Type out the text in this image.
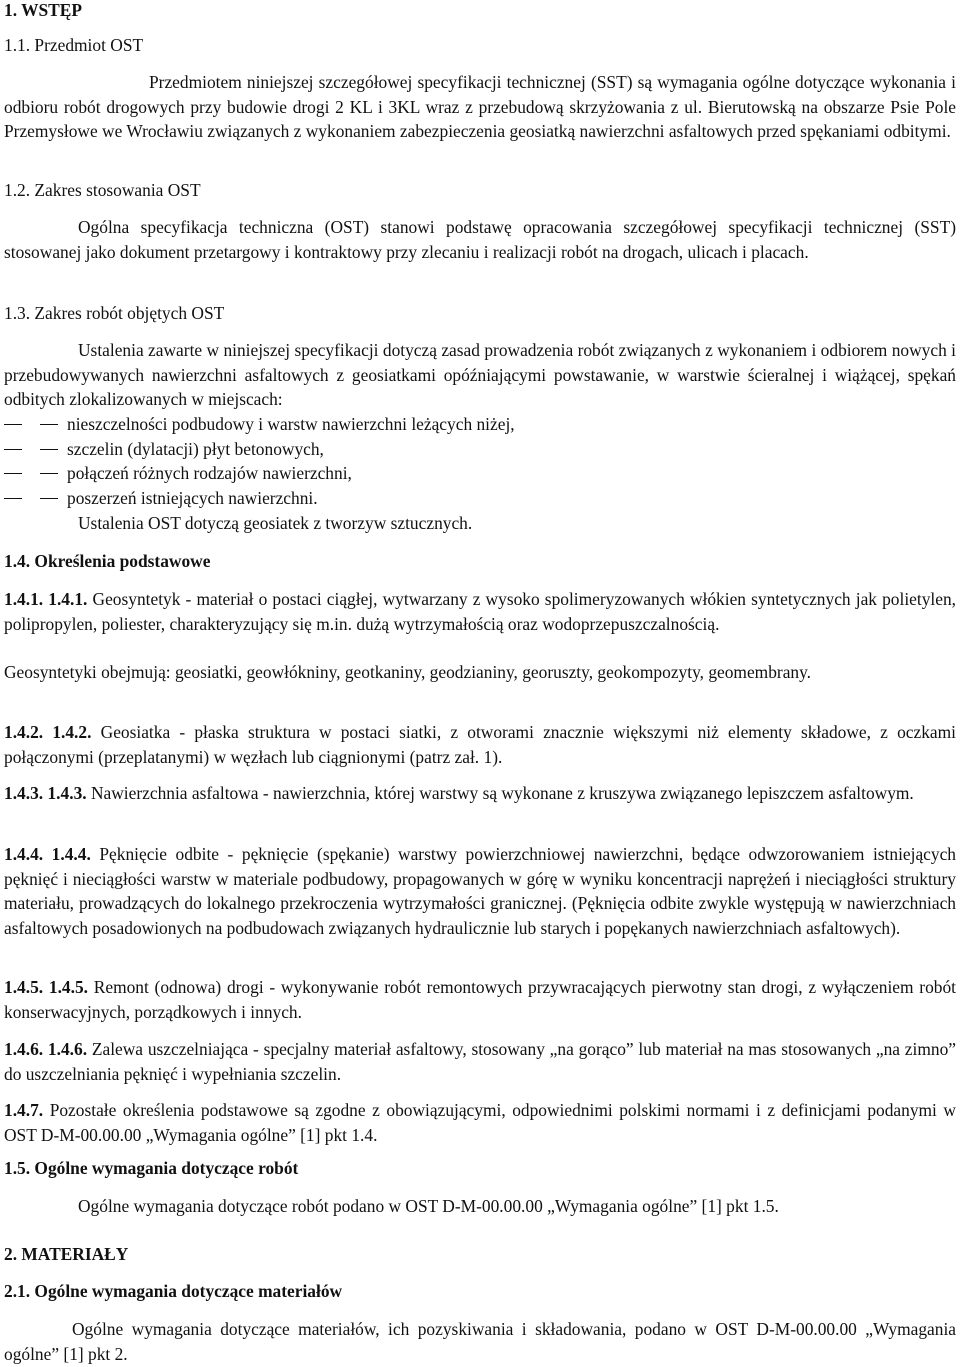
1. WSTĘP
1.1. Przedmiot OST
Przedmiotem niniejszej szczegółowej specyfikacji technicznej (SST) są wymagania ogólne dotyczące wykonania i odbioru robót drogowych przy budowie drogi 2 KL i 3KL wraz z przebudową skrzyżowania z ul. Bierutowską na obszarze Psie Pole Przemysłowe we Wrocławiu związanych z wykonaniem zabezpieczenia geosiatką nawierzchni asfaltowych przed spękaniami odbitymi.
1.2. Zakres stosowania OST
Ogólna specyfikacja techniczna (OST) stanowi podstawę opracowania szczegółowej specyfikacji technicznej (SST) stosowanej jako dokument przetargowy i kontraktowy przy zlecaniu i realizacji robót na drogach, ulicach i placach.
1.3. Zakres robót objętych OST
Ustalenia zawarte w niniejszej specyfikacji dotyczą zasad prowadzenia robót związanych z wykonaniem i odbiorem nowych i przebudowywanych nawierzchni asfaltowych z geosiatkami opóźniającymi powstawanie, w warstwie ścieralnej i wiążącej, spękań odbitych zlokalizowanych w miejscach:
nieszczelności podbudowy i warstw nawierzchni leżących niżej,
szczelin (dylatacji) płyt betonowych,
połączeń różnych rodzajów nawierzchni,
poszerzeń istniejących nawierzchni.
Ustalenia OST dotyczą geosiatek z tworzyw sztucznych.
1.4. Określenia podstawowe
1.4.1. 1.4.1. Geosyntetyk - materiał o postaci ciągłej, wytwarzany z wysoko spolimeryzowanych włókien syntetycznych jak polietylen, polipropylen, poliester, charakteryzujący się m.in. dużą wytrzymałością oraz wodoprzepuszczalnością.
Geosyntetyki obejmują: geosiatki, geowłókniny, geotkaniny, geodzianiny, georuszty, geokompozyty, geomembrany.
1.4.2. 1.4.2. Geosiatka - płaska struktura w postaci siatki, z otworami znacznie większymi niż elementy składowe, z oczkami połączonymi (przeplatanymi) w węzłach lub ciągnionymi (patrz zał. 1).
1.4.3. 1.4.3. Nawierzchnia asfaltowa - nawierzchnia, której warstwy są wykonane z kruszywa związanego lepiszczem asfaltowym.
1.4.4. 1.4.4. Pęknięcie odbite - pęknięcie (spękanie) warstwy powierzchniowej nawierzchni, będące odwzorowaniem istniejących pęknięć i nieciągłości warstw w materiale podbudowy, propagowanych w górę w wyniku koncentracji naprężeń i nieciągłości struktury materiału, prowadzących do lokalnego przekroczenia wytrzymałości granicznej. (Pęknięcia odbite zwykle występują w nawierzchniach asfaltowych posadowionych na podbudowach związanych hydraulicznie lub starych i popękanych nawierzchniach asfaltowych).
1.4.5. 1.4.5. Remont (odnowa) drogi - wykonywanie robót remontowych przywracających pierwotny stan drogi, z wyłączeniem robót konserwacyjnych, porządkowych i innych.
1.4.6. 1.4.6. Zalewa uszczelniająca - specjalny materiał asfaltowy, stosowany „na gorąco” lub materiał na mas stosowanych „na zimno” do uszczelniania pęknięć i wypełniania szczelin.
1.4.7. Pozostałe określenia podstawowe są zgodne z obowiązującymi, odpowiednimi polskimi normami i z definicjami podanymi w OST D-M-00.00.00 „Wymagania ogólne” [1] pkt 1.4.
1.5. Ogólne wymagania dotyczące robót
Ogólne wymagania dotyczące robót podano w OST D-M-00.00.00 „Wymagania ogólne” [1] pkt 1.5.
2. MATERIAŁY
2.1. Ogólne wymagania dotyczące materiałów
Ogólne wymagania dotyczące materiałów, ich pozyskiwania i składowania, podano w OST D-M-00.00.00 „Wymagania ogólne” [1] pkt 2.
